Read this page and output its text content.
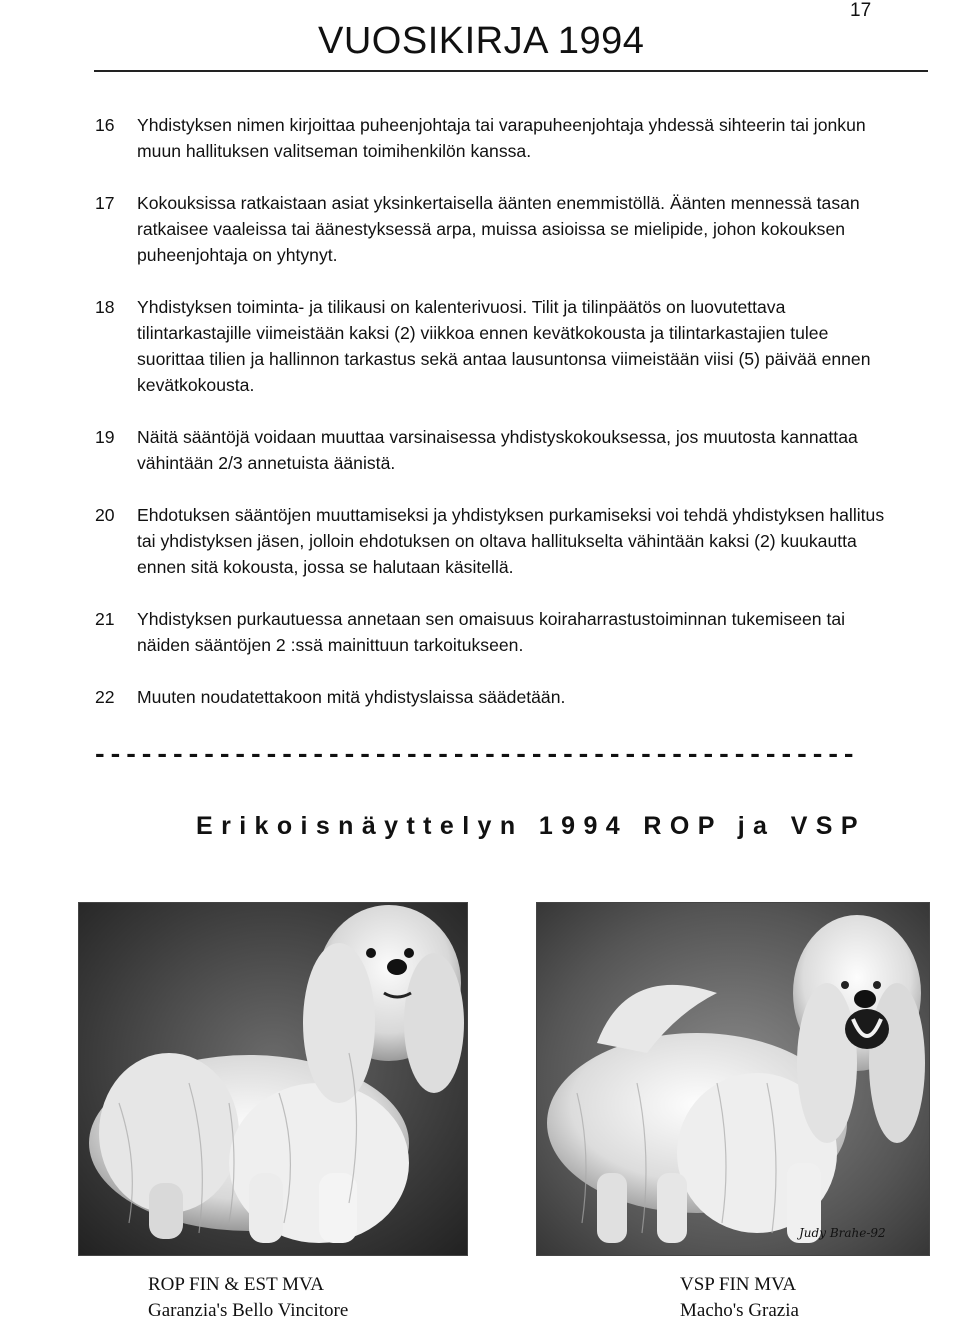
17
VUOSIKIRJA 1994

16 Yhdistyksen nimen kirjoittaa puheenjohtaja tai varapuheenjohtaja yhdessä sihteerin tai jonkun muun hallituksen valitseman toimihenkilön kanssa.

17 Kokouksissa ratkaistaan asiat yksinkertaisella äänten enemmistöllä. Äänten mennessä tasan ratkaisee vaaleissa tai äänestyksessä arpa, muissa asioissa se mielipide, johon kokouksen puheenjohtaja on yhtynyt.

18 Yhdistyksen toiminta- ja tilikausi on kalenterivuosi. Tilit ja tilinpäätös on luovutettava tilintarkastajille viimeistään kaksi (2) viikkoa ennen kevätkokousta ja tilintarkastajien tulee suorittaa tilien ja hallinnon tarkastus sekä antaa lausuntonsa viimeistään viisi (5) päivää ennen kevätkokousta.

19 Näitä sääntöjä voidaan muuttaa varsinaisessa yhdistyskokouksessa, jos muutosta kannattaa vähintään 2/3 annetuista äänistä.

20 Ehdotuksen sääntöjen muuttamiseksi ja yhdistyksen purkamiseksi voi tehdä yhdistyksen hallitus tai yhdistyksen jäsen, jolloin ehdotuksen on oltava hallitukselta vähintään kaksi (2) kuukautta ennen sitä kokousta, jossa se halutaan käsitellä.

21 Yhdistyksen purkautuessa annetaan sen omaisuus koiraharrastustoiminnan tukemiseen tai näiden sääntöjen 2 :ssä mainittuun tarkoitukseen.

22 Muuten noudatettakoon mitä yhdistyslaissa säädetään.

-------------------------------------------------
Erikoisnäyttelyn 1994 ROP ja VSP
Judy Brahe-92
ROP FIN & EST MVA
Garanzia's Bello Vincitore
VSP FIN MVA
Macho's Grazia
